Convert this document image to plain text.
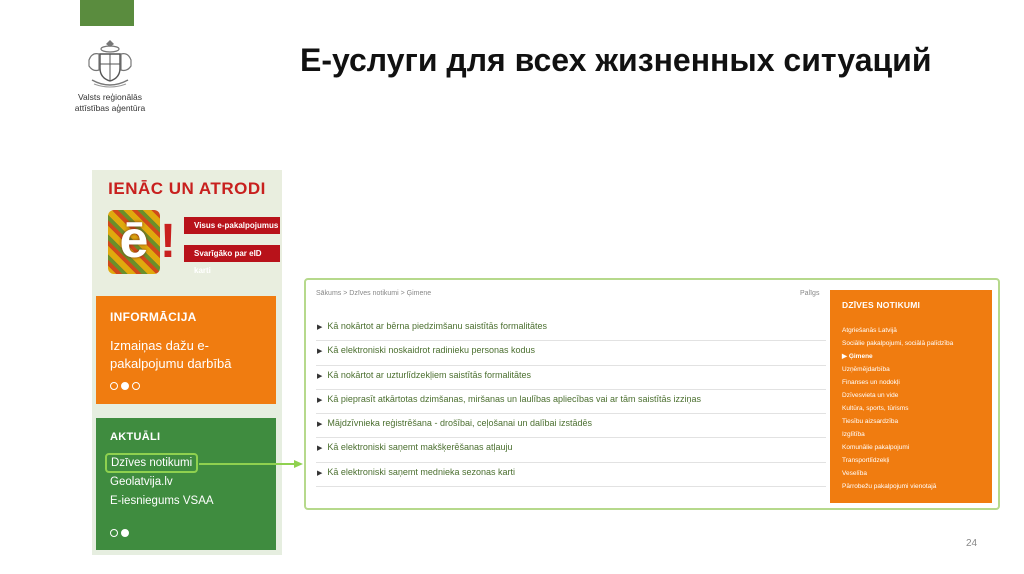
Valsts reģionālās
attīstības aģentūra
Е-услуги для всех жизненных ситуаций
IENĀC UN ATRODI
ē !	Visus e-pakalpojumus
Svarīgāko par eID karti
INFORMĀCIJA
Izmaiņas dažu e-pakalpojumu darbībā
AKTUĀLI
Dzīves notikumi
Geolatvija.lv
E-iesniegums VSAA
Sākums > Dzīves notikumi > Ģimene	Palīgs
▶ Kā nokārtot ar bērna piedzimšanu saistītās formalitātes
▶ Kā elektroniski noskaidrot radinieku personas kodus
▶ Kā nokārtot ar uzturlīdzekļiem saistītās formalitātes
▶ Kā pieprasīt atkārtotas dzimšanas, miršanas un laulības apliecības vai ar tām saistītās izziņas
▶ Mājdzīvnieka reģistrēšana - drošībai, ceļošanai un dalībai izstādēs
▶ Kā elektroniski saņemt makšķerēšanas atļauju
▶ Kā elektroniski saņemt mednieka sezonas karti
DZĪVES NOTIKUMI
Atgriešanās Latvijā
Sociālie pakalpojumi, sociālā palīdzība
▶ Ģimene
Uzņēmējdarbība
Finanses un nodokļi
Dzīvesvieta un vide
Kultūra, sports, tūrisms
Tiesību aizsardzība
Izglītība
Komunālie pakalpojumi
Transportlīdzekļi
Veselība
Pārrobežu pakalpojumi vienotajā
24
